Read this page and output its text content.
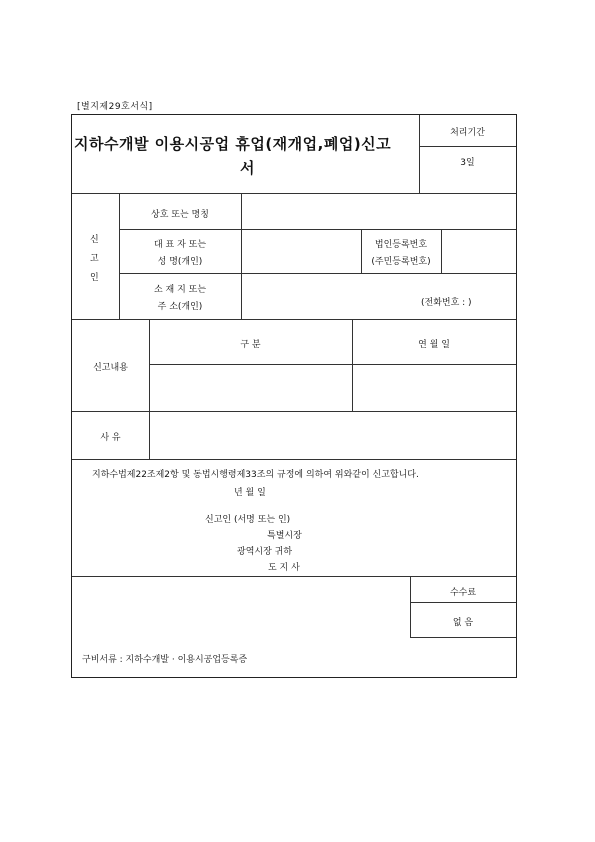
[별지제29호서식]
지하수개발 이용시공업 휴업(재개업,폐업)신고
서
처리기간
3일
신
고
인
상호 또는 명칭
대 표 자 또는
성 명(개인)
법인등록번호
(주민등록번호)
소 재 지 또는
주 소(개인)	(전화번호 : )
신고내용
구 분	연 월 일
사 유
지하수법제22조제2항 및 동법시행령제33조의 규정에 의하여 위와같이 신고합니다.
년 월 일
신고인 (서명 또는 인)
특별시장
광역시장 귀하
도 지 사
수수료
없 음
구비서류 : 지하수개발 · 이용시공업등록증
